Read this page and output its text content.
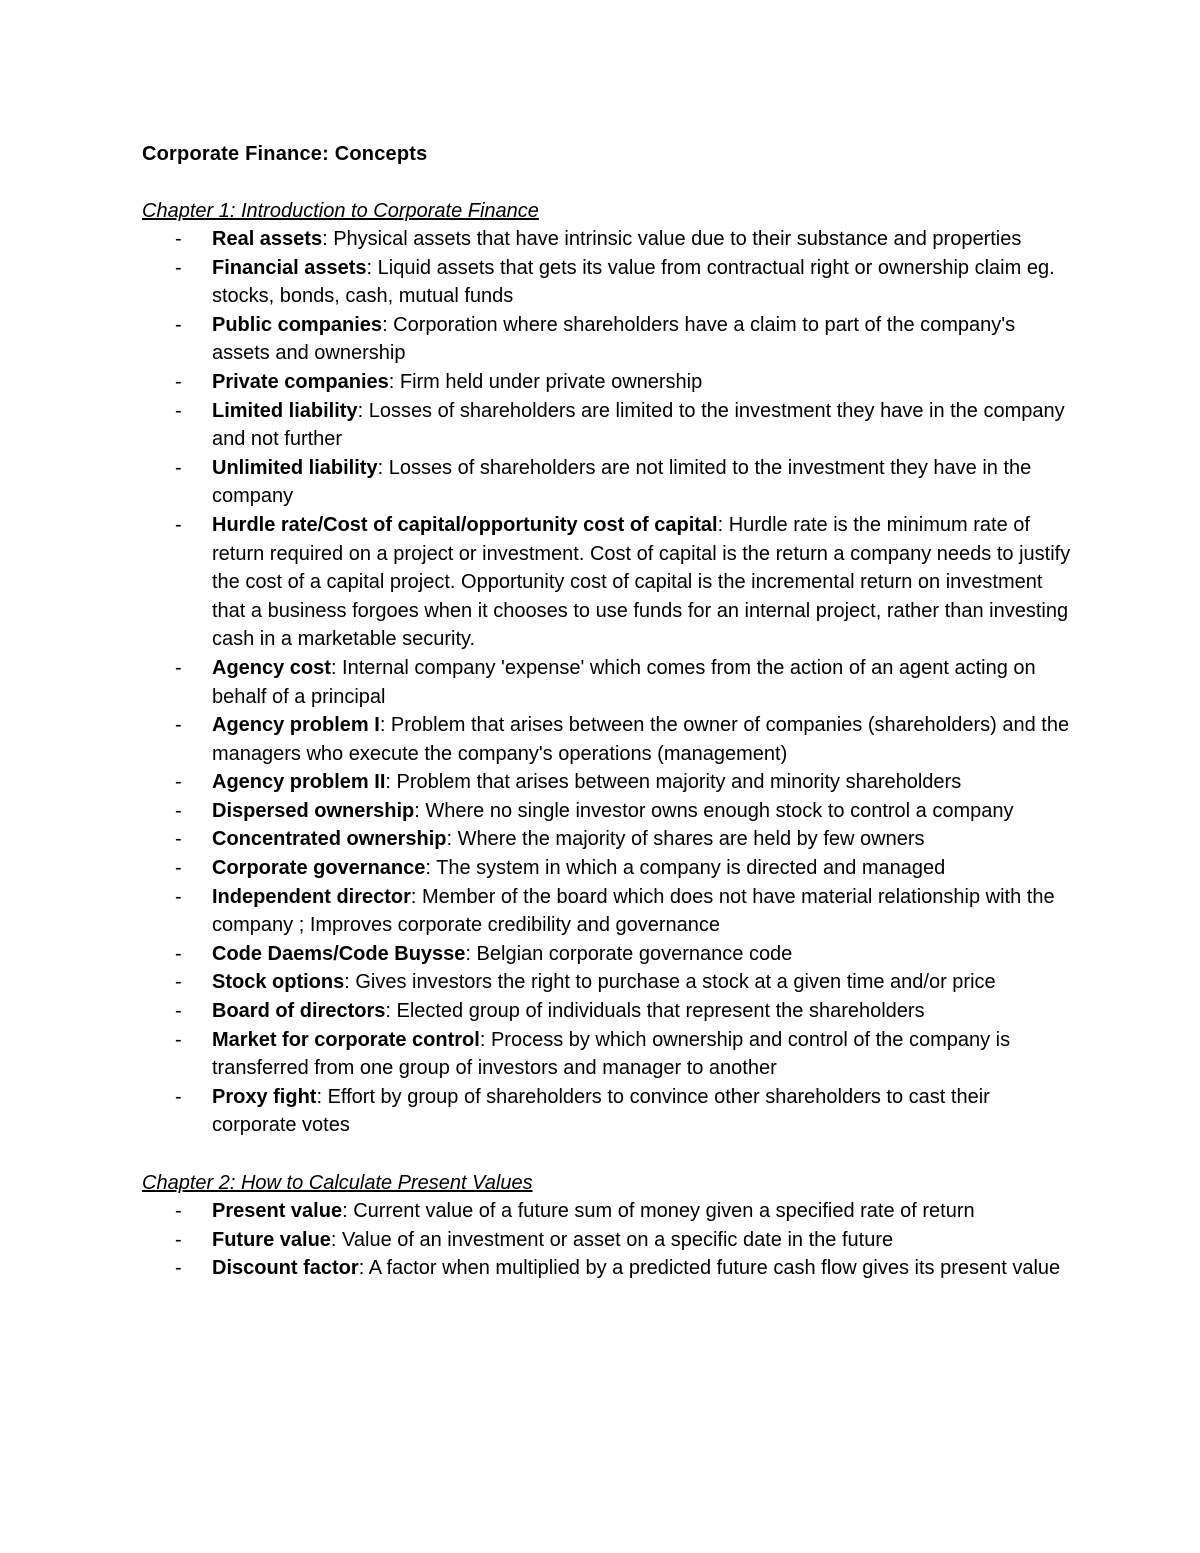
Corporate Finance: Concepts
Chapter 1: Introduction to Corporate Finance
- Real assets: Physical assets that have intrinsic value due to their substance and properties
- Financial assets: Liquid assets that gets its value from contractual right or ownership claim eg. stocks, bonds, cash, mutual funds
- Public companies: Corporation where shareholders have a claim to part of the company's assets and ownership
- Private companies: Firm held under private ownership
- Limited liability: Losses of shareholders are limited to the investment they have in the company and not further
- Unlimited liability: Losses of shareholders are not limited to the investment they have in the company
- Hurdle rate/Cost of capital/opportunity cost of capital: Hurdle rate is the minimum rate of return required on a project or investment. Cost of capital is the return a company needs to justify the cost of a capital project. Opportunity cost of capital is the incremental return on investment that a business forgoes when it chooses to use funds for an internal project, rather than investing cash in a marketable security.
- Agency cost: Internal company 'expense' which comes from the action of an agent acting on behalf of a principal
- Agency problem I: Problem that arises between the owner of companies (shareholders) and the managers who execute the company's operations (management)
- Agency problem II: Problem that arises between majority and minority shareholders
- Dispersed ownership: Where no single investor owns enough stock to control a company
- Concentrated ownership: Where the majority of shares are held by few owners
- Corporate governance: The system in which a company is directed and managed
- Independent director: Member of the board which does not have material relationship with the company ; Improves corporate credibility and governance
- Code Daems/Code Buysse: Belgian corporate governance code
- Stock options: Gives investors the right to purchase a stock at a given time and/or price
- Board of directors: Elected group of individuals that represent the shareholders
- Market for corporate control: Process by which ownership and control of the company is transferred from one group of investors and manager to another
- Proxy fight: Effort by group of shareholders to convince other shareholders to cast their corporate votes
Chapter 2: How to Calculate Present Values
- Present value: Current value of a future sum of money given a specified rate of return
- Future value: Value of an investment or asset on a specific date in the future
- Discount factor: A factor when multiplied by a predicted future cash flow gives its present value
